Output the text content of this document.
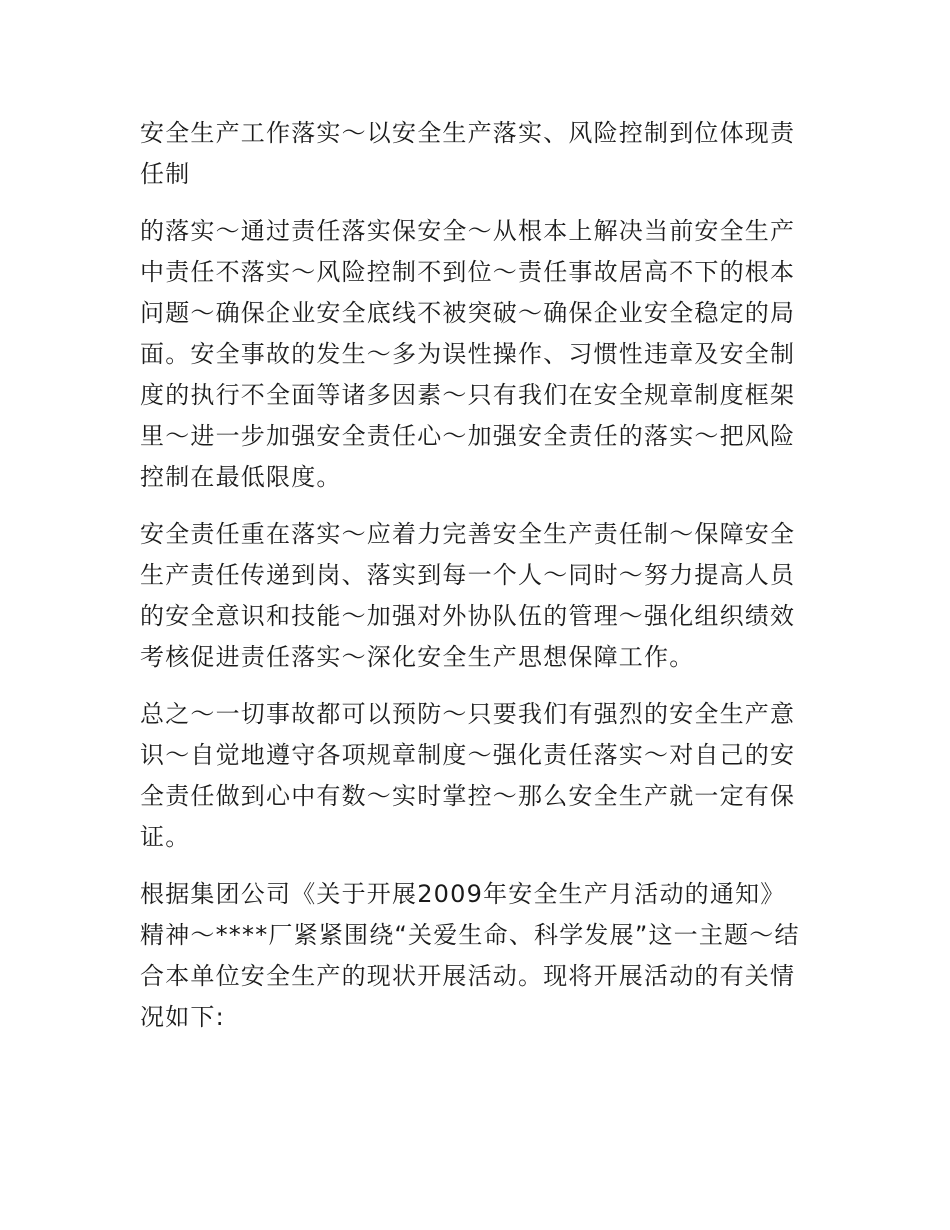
安全生产工作落实～以安全生产落实、风险控制到位体现责任制

的落实～通过责任落实保安全～从根本上解决当前安全生产中责任不落实～风险控制不到位～责任事故居高不下的根本问题～确保企业安全底线不被突破～确保企业安全稳定的局面。安全事故的发生～多为误性操作、习惯性违章及安全制度的执行不全面等诸多因素～只有我们在安全规章制度框架里～进一步加强安全责任心～加强安全责任的落实～把风险控制在最低限度。

安全责任重在落实～应着力完善安全生产责任制～保障安全生产责任传递到岗、落实到每一个人～同时～努力提高人员的安全意识和技能～加强对外协队伍的管理～强化组织绩效考核促进责任落实～深化安全生产思想保障工作。

总之～一切事故都可以预防～只要我们有强烈的安全生产意识～自觉地遵守各项规章制度～强化责任落实～对自己的安全责任做到心中有数～实时掌控～那么安全生产就一定有保证。

根据集团公司《关于开展2009年安全生产月活动的通知》精神～****厂紧紧围绕“关爱生命、科学发展”这一主题～结合本单位安全生产的现状开展活动。现将开展活动的有关情况如下:
